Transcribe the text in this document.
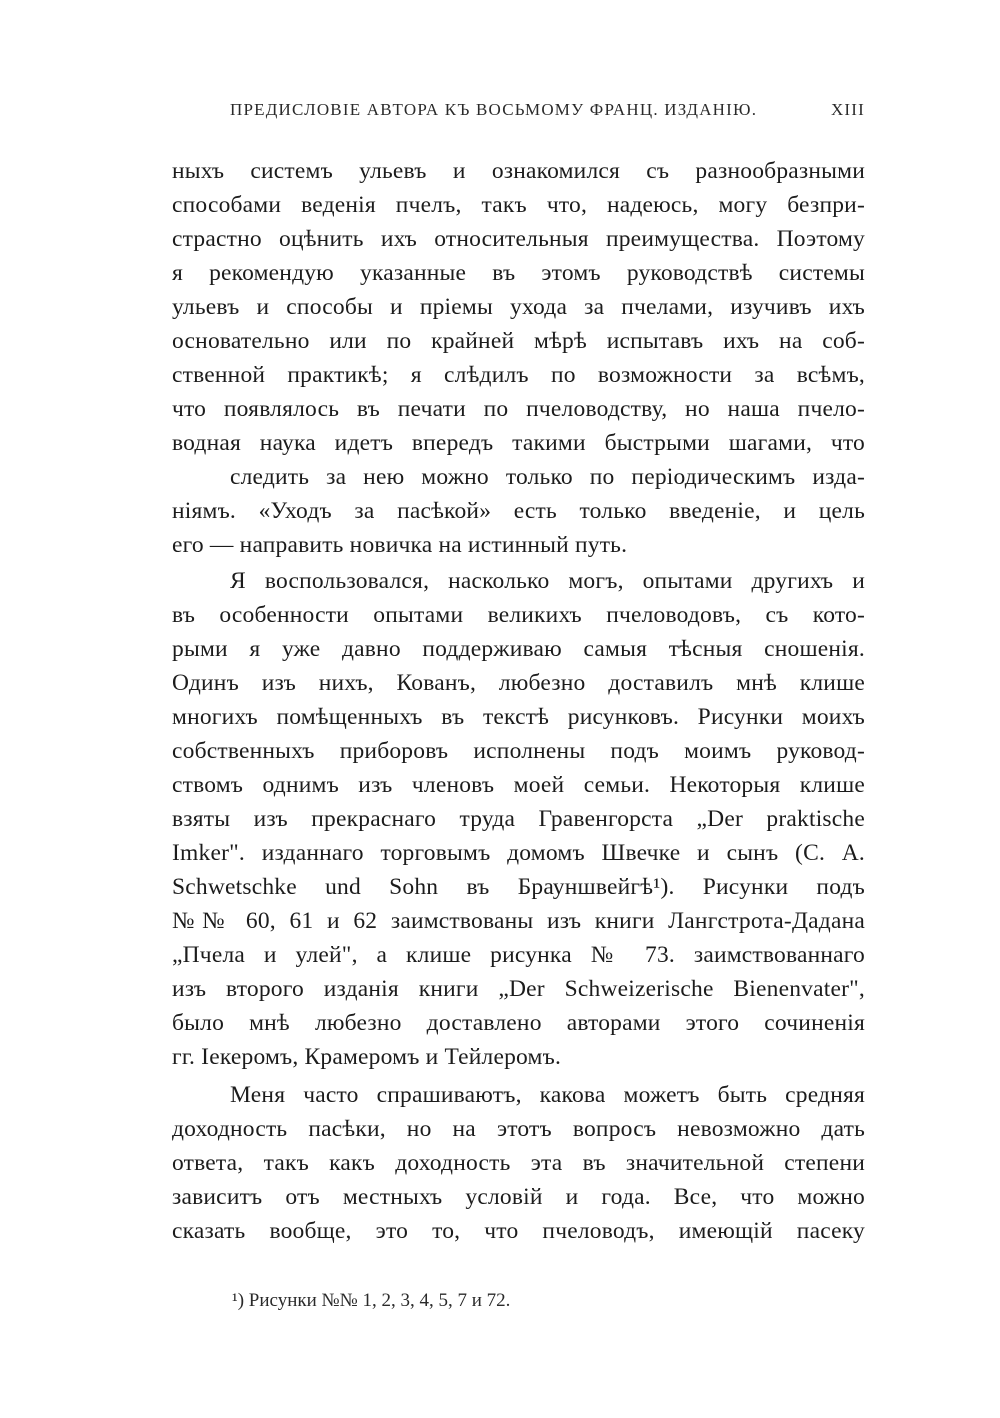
ПРЕДИСЛОВІЕ АВТОРА КЪ ВОСЬМОМУ ФРАНЦ. ИЗДАНІЮ.	XIII
ныхъ системъ ульевъ и ознакомился съ разнообразными
способами веденія пчелъ, такъ что, надеюсь, могу безпри-
страстно оцѣнить ихъ относительныя преимущества. Поэтому
я рекомендую указанные въ этомъ руководствѣ системы
ульевъ и способы и пріемы ухода за пчелами, изучивъ ихъ
основательно или по крайней мѣрѣ испытавъ ихъ на соб-
ственной практикѣ; я слѣдилъ по возможности за всѣмъ,
что появлялось въ печати по пчеловодству, но наша пчело-
водная наука идетъ впередъ такими быстрыми шагами, что
следить за нею можно только по періодическимъ изда-
ніямъ. «Уходъ за пасѣкой» есть только введеніе, и цель
его — направить новичка на истинный путь.
Я воспользовался, насколько могъ, опытами другихъ и
въ особенности опытами великихъ пчеловодовъ, съ кото-
рыми я уже давно поддерживаю самыя тѣсныя сношенія.
Одинъ изъ нихъ, Кованъ, любезно доставилъ мнѣ клише
многихъ помѣщенныхъ въ текстѣ рисунковъ. Рисунки моихъ
собственныхъ приборовъ исполнены подъ моимъ руковод-
ствомъ однимъ изъ членовъ моей семьи. Некоторыя клише
взяты изъ прекраснаго труда Гравенгорста „Der praktische
Imker". изданнаго торговымъ домомъ Швечке и сынъ (С. А.
Schwetschke und Sohn въ Брауншвейгѣ¹). Рисунки подъ
№№ 60, 61 и 62 заимствованы изъ книги Лангстрота-Дадана
„Пчела и улей", а клише рисунка № 73. заимствованнаго
изъ второго изданія книги „Der Schweizerische Bienenvater",
было мнѣ любезно доставлено авторами этого сочиненія
гг. Іекеромъ, Крамеромъ и Тейлеромъ.
Меня часто спрашиваютъ, какова можетъ быть средняя
доходность пасѣки, но на этотъ вопросъ невозможно дать
ответа, такъ какъ доходность эта въ значительной степени
зависитъ отъ местныхъ условій и года. Все, что можно
сказать вообще, это то, что пчеловодъ, имеющій пасеку
¹) Рисунки №№ 1, 2, 3, 4, 5, 7 и 72.
